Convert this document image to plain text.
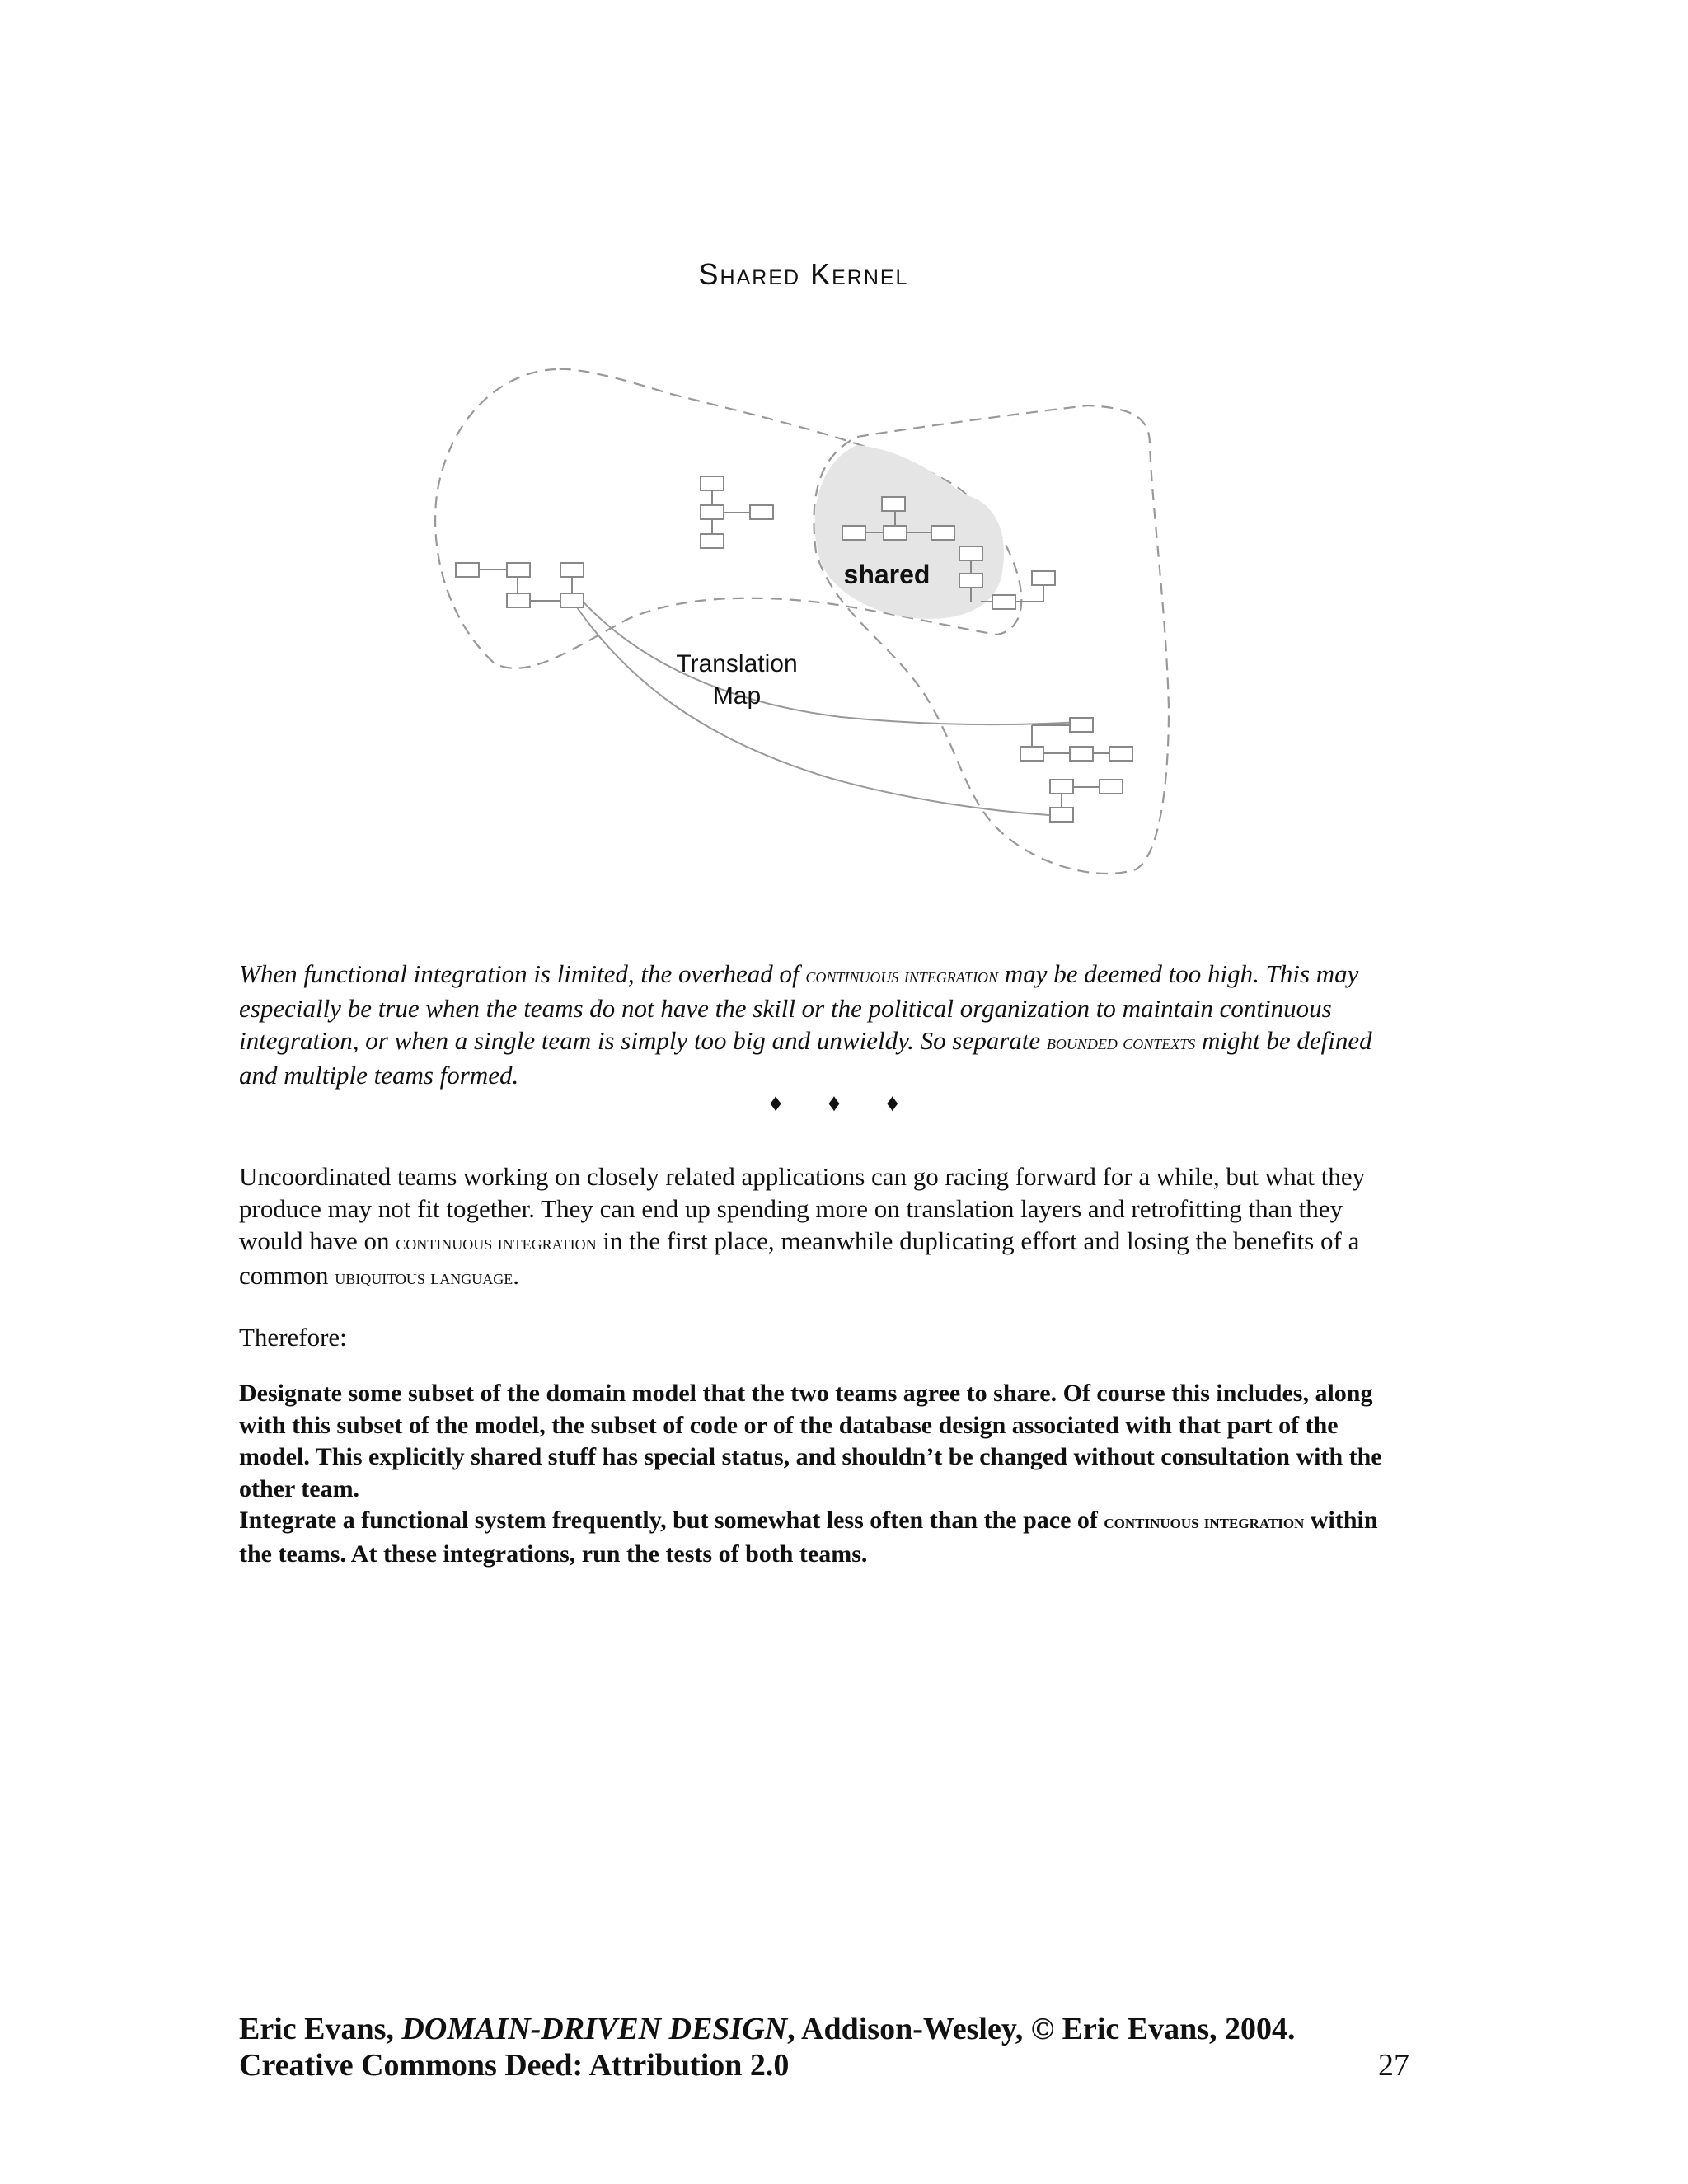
Shared Kernel
shared
Translation
Map
When functional integration is limited, the overhead of continuous integration may be deemed too high. This may especially be true when the teams do not have the skill or the political organization to maintain continuous integration, or when a single team is simply too big and unwieldy. So separate bounded contexts might be defined and multiple teams formed.
♦ ♦ ♦
Uncoordinated teams working on closely related applications can go racing forward for a while, but what they produce may not fit together. They can end up spending more on translation layers and retrofitting than they would have on continuous integration in the first place, meanwhile duplicating effort and losing the benefits of a common ubiquitous language.
Therefore:
Designate some subset of the domain model that the two teams agree to share. Of course this includes, along with this subset of the model, the subset of code or of the database design associated with that part of the model. This explicitly shared stuff has special status, and shouldn’t be changed without consultation with the other team.
Integrate a functional system frequently, but somewhat less often than the pace of continuous integration within the teams. At these integrations, run the tests of both teams.
Eric Evans, DOMAIN-DRIVEN DESIGN, Addison-Wesley, © Eric Evans, 2004.
Creative Commons Deed: Attribution 2.0	27
